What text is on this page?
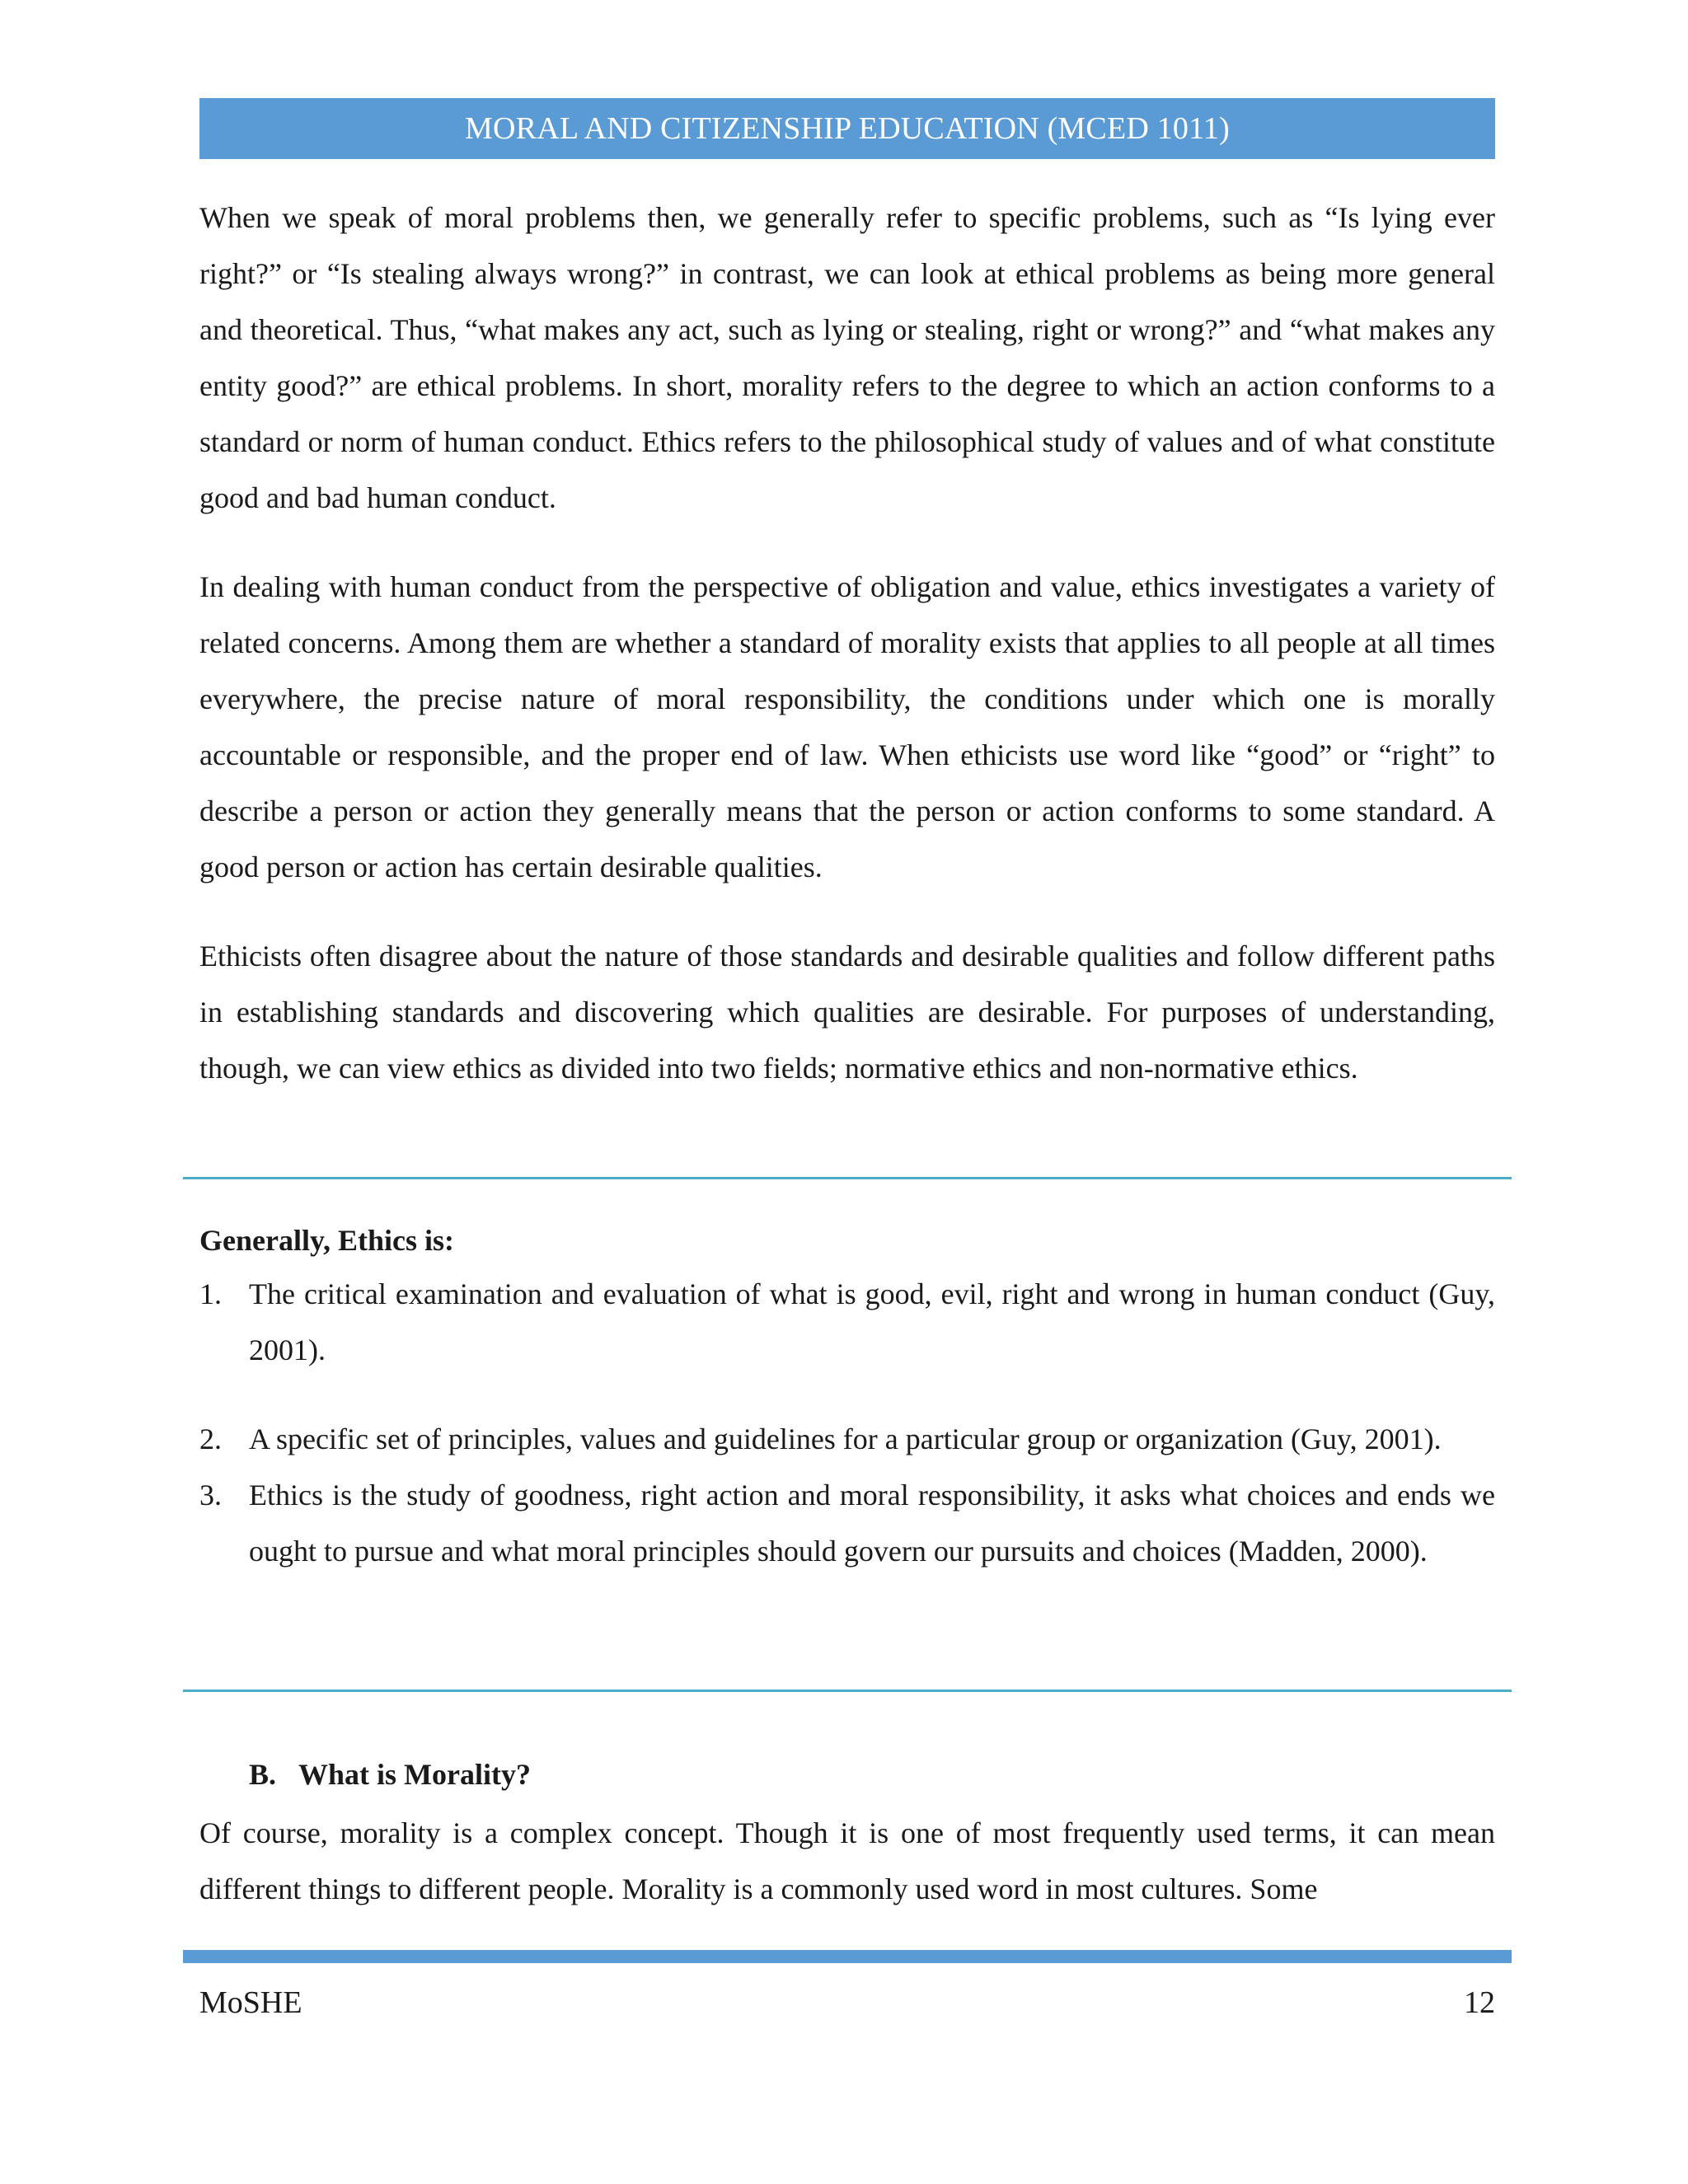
MORAL AND CITIZENSHIP EDUCATION (MCED 1011)

When we speak of moral problems then, we generally refer to specific problems, such as “Is lying ever right?” or “Is stealing always wrong?” in contrast, we can look at ethical problems as being more general and theoretical. Thus, “what makes any act, such as lying or stealing, right or wrong?” and “what makes any entity good?” are ethical problems. In short, morality refers to the degree to which an action conforms to a standard or norm of human conduct. Ethics refers to the philosophical study of values and of what constitute good and bad human conduct.

In dealing with human conduct from the perspective of obligation and value, ethics investigates a variety of related concerns. Among them are whether a standard of morality exists that applies to all people at all times everywhere, the precise nature of moral responsibility, the conditions under which one is morally accountable or responsible, and the proper end of law. When ethicists use word like “good” or “right” to describe a person or action they generally means that the person or action conforms to some standard. A good person or action has certain desirable qualities.

Ethicists often disagree about the nature of those standards and desirable qualities and follow different paths in establishing standards and discovering which qualities are desirable. For purposes of understanding, though, we can view ethics as divided into two fields; normative ethics and non-normative ethics.

Generally, Ethics is:
1. The critical examination and evaluation of what is good, evil, right and wrong in human conduct (Guy, 2001).
2. A specific set of principles, values and guidelines for a particular group or organization (Guy, 2001).
3. Ethics is the study of goodness, right action and moral responsibility, it asks what choices and ends we ought to pursue and what moral principles should govern our pursuits and choices (Madden, 2000).
B. What is Morality?

Of course, morality is a complex concept. Though it is one of most frequently used terms, it can mean different things to different people. Morality is a commonly used word in most cultures. Some

MoSHE	12
